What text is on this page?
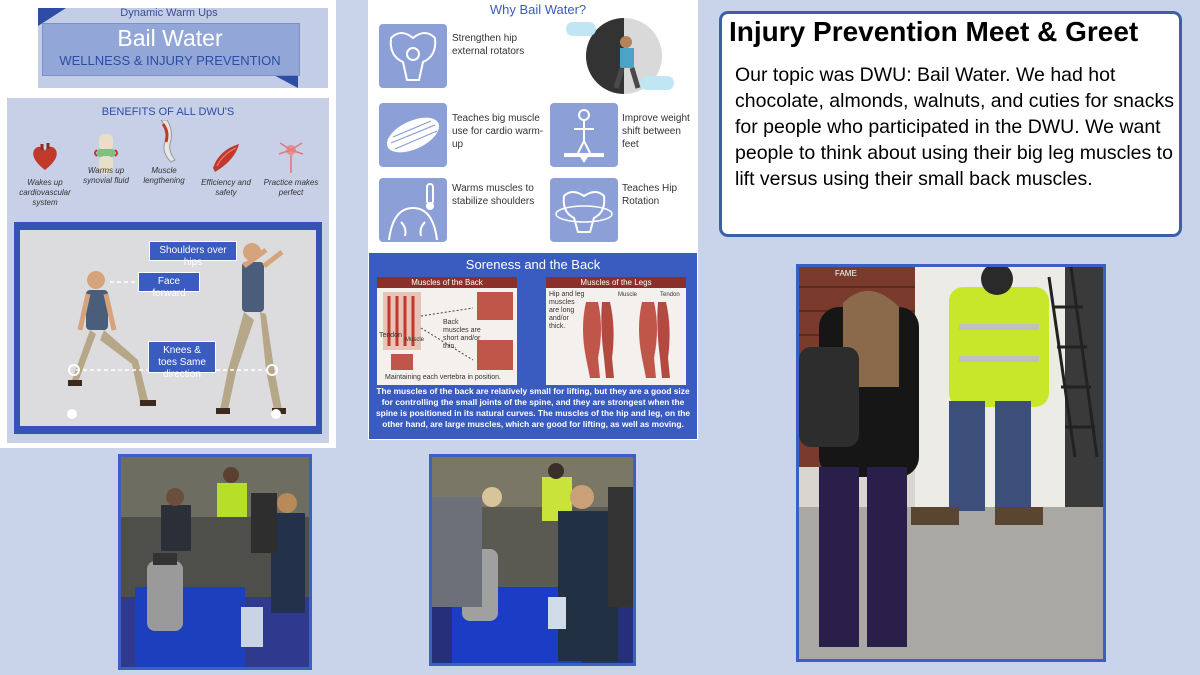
Dynamic Warm Ups
Bail Water
WELLNESS & INJURY PREVENTION
BENEFITS OF ALL DWU'S
Wakes up cardiovascular system
Warms up synovial fluid
Muscle lengthening	Efficiency and safety
Practice makes perfect
Shoulders over hips
Face forward
Knees & toes Same direction
Why Bail Water?
Strengthen hip external rotators
Teaches big muscle use for cardio warm-up
Improve weight shift between feet
Warms muscles to stabilize shoulders
Teaches Hip Rotation
Soreness and the Back
Muscles of the Back
Back muscles are short and/or thin.
Tendon
Muscle
Maintaining each vertebra in position.
Muscles of the Legs
Hip and leg muscles are long and/or thick.
Muscle	Tendon
The muscles of the back are relatively small for lifting, but they are a good size for controlling the small joints of the spine, and they are strongest when the spine is positioned in its natural curves. The muscles of the hip and leg, on the other hand, are large muscles, which are good for lifting, as well as moving.
Injury Prevention Meet & Greet
Our topic was DWU: Bail Water. We had hot chocolate, almonds, walnuts, and cuties for snacks for people who participated in the DWU. We want people to think about using their big leg muscles to lift versus using their small back muscles.
FAME
